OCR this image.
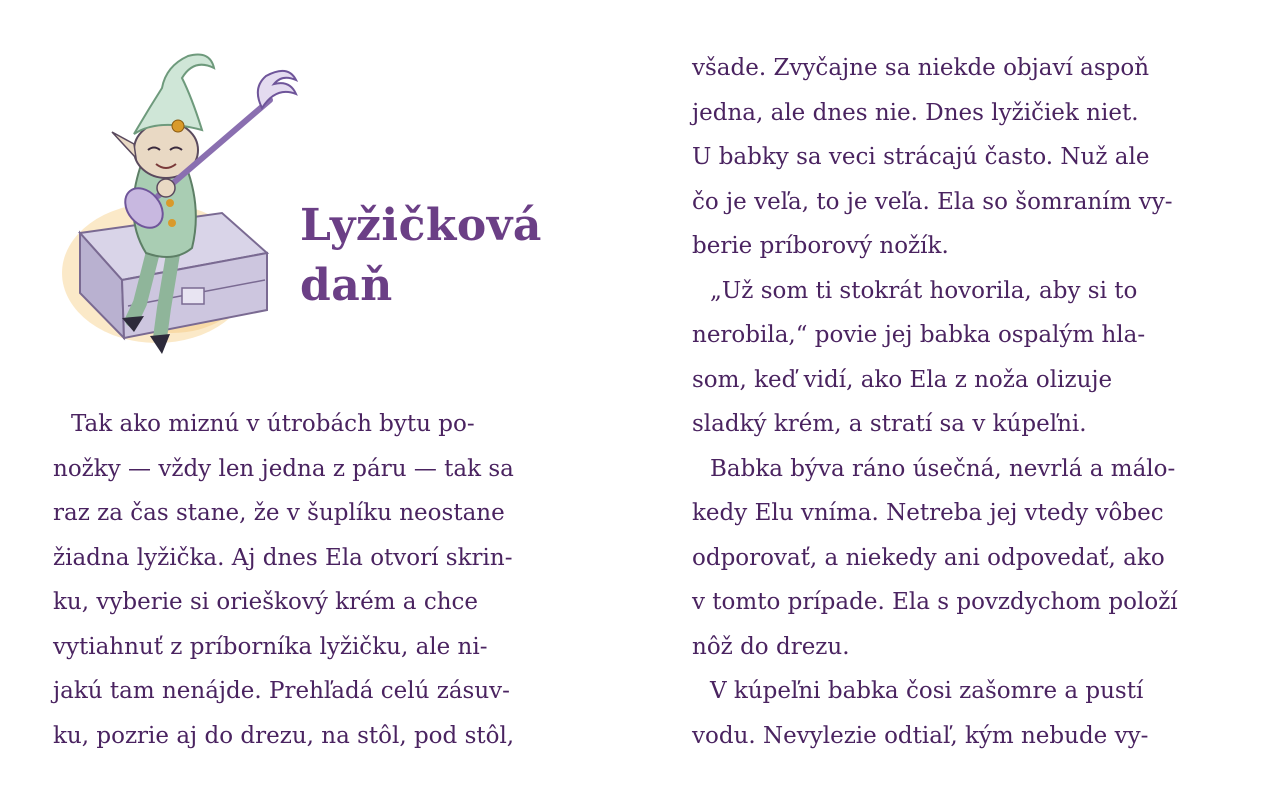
Lyžičková
daň
Tak ako miznú v útrobách bytu po-
nožky — vždy len jedna z páru — tak sa
raz za čas stane, že v šuplíku neostane
žiadna lyžička. Aj dnes Ela otvorí skrin-
ku, vyberie si orieškový krém a chce
vytiahnuť z príborníka lyžičku, ale ni-
jakú tam nenájde. Prehľadá celú zásuv-
ku, pozrie aj do drezu, na stôl, pod stôl,
všade. Zvyčajne sa niekde objaví aspoň
jedna, ale dnes nie. Dnes lyžičiek niet.
U babky sa veci strácajú často. Nuž ale
čo je veľa, to je veľa. Ela so šomraním vy-
berie príborový nožík.
„Už som ti stokrát hovorila, aby si to
nerobila,“ povie jej babka ospalým hla-
som, keď vidí, ako Ela z noža olizuje
sladký krém, a stratí sa v kúpeľni.
Babka býva ráno úsečná, nevrlá a málo-
kedy Elu vníma. Netreba jej vtedy vôbec
odporovať, a niekedy ani odpovedať, ako
v tomto prípade. Ela s povzdychom položí
nôž do drezu.
V kúpeľni babka čosi zašomre a pustí
vodu. Nevylezie odtiaľ, kým nebude vy-
